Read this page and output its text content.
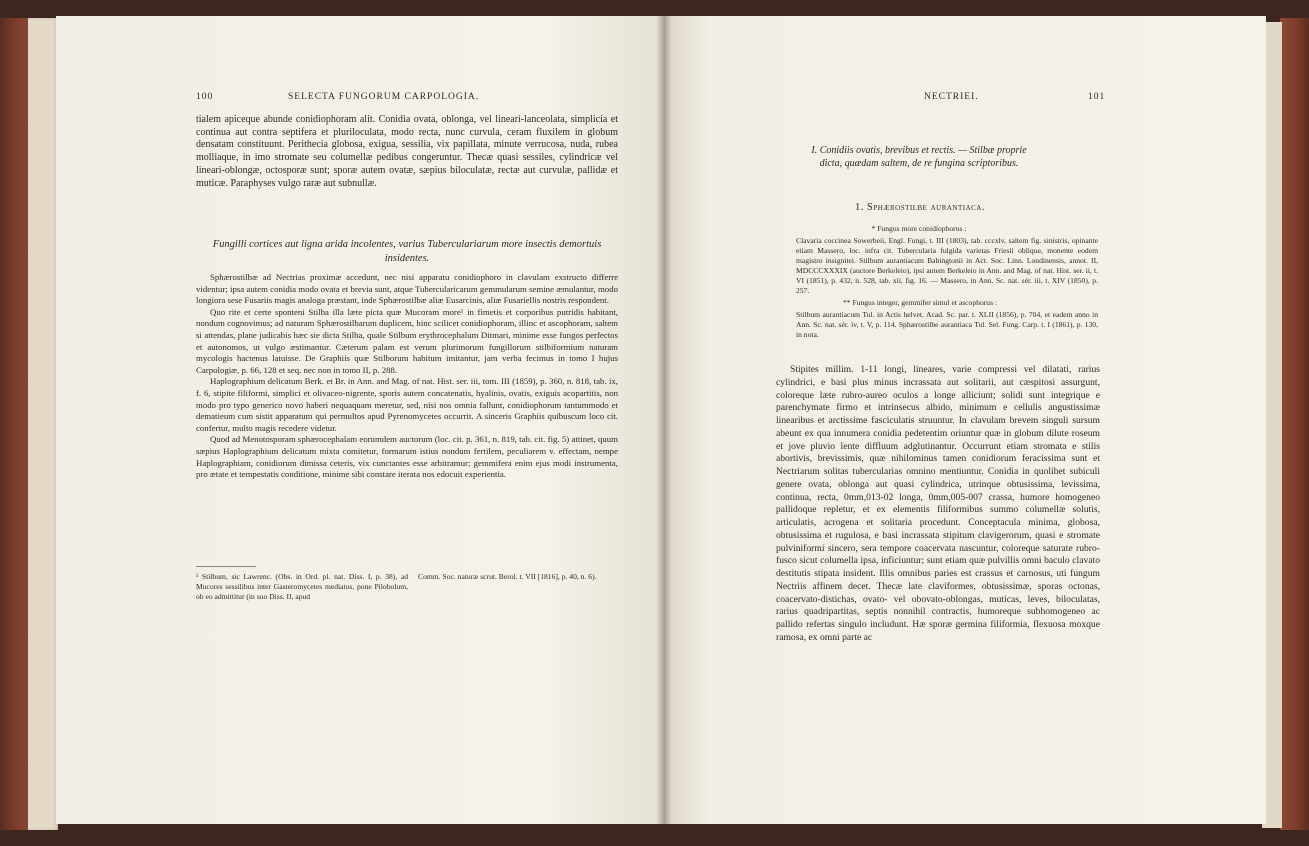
100	SELECTA FUNGORUM CARPOLOGIA.

tialem apiceque abunde conidiophoram alit. Conidia ovata, oblonga, vel lineari-lanceolata, simplicia et continua aut contra septifera et pluriloculata, modo recta, nunc curvula, ceram fluxilem in globum densatam constituunt. Perithecia globosa, exigua, sessilia, vix papillata, minute verrucosa, nuda, rubea molliaque, in imo stromate seu columellæ pedibus congeruntur. Thecæ quasi sessiles, cylindricæ vel lineari-oblongæ, octosporæ sunt; sporæ autem ovatæ, sæpius biloculatæ, rectæ aut curvulæ, pallidæ et muticæ. Paraphyses vulgo raræ aut subnullæ.

Fungilli cortices aut ligna arida incolentes, varius Tuberculariarum more insectis demortuis insidentes.

Sphærostilbæ ad Nectrias proximæ accedunt, nec nisi apparatu conidiophoro in clavulam exstructo differre videntur; ipsa autem conidia modo ovata et brevia sunt, atque Tubercularicarum gemmularum semine æmulantur, modo longiora sese Fusariis magis analoga præstant, inde Sphærostilbæ aliæ Eusarcinis, aliæ Fusariellis nostris respondent.

Quo rite et certe sponteni Stilba illa læte picta quæ Mucoram more¹ in fimetis et corporibus putridis habitant, nondum cognovimus; ad naturam Sphærostilbarum duplicem, hinc scilicet conidiophoram, illinc et ascophoram, saltem si attendas, plane judicabis hæc sie dicta Stilba, quale Stilbum erythrocephalum Ditmari, minime esse fungos perfectos et autonomos, ut vulgo æstimantur. Cæterum palam est verum plurimorum fungillorum stilbiformium naturam mycologis hactenus latuisse. De Graphiis quæ Stilborum habitum imitantur, jam verba fecimus in tomo I hujus Carpologiæ, p. 66, 128 et seq. nec non in tomo II, p. 288.

Haplographium delicatum Berk. et Br. in Ann. and Mag. of nat. Hist. ser. iii, tom. III (1859), p. 360, n. 818, tab. ix, f. 6, stipite filiformi, simplici et olivaceo-nigrente, sporis autem concatenatis, hyalinis, ovatis, exiguis acopartitis, non modo pro typo generico novo haberi nequaquam meretur, sed, nisi nos omnia fallunt, conidiophorum tantummodo et dematieum cum sistit apparatum qui permultos apud Pyrenomycetes occurrit. A sinceris Graphiis quibuscum loco cit. confertur, multo magis recedere videtur.

Quod ad Menotosporam sphærocephalam eorumdem auctorum (loc. cit. p. 361, n. 819, tab. cit. fig. 5) attinet, quum sæpius Haplographium delicatum mixta comitetur, formarum istius nondum fertilem, peculiarem v. effectam, nempe Haplographiam, conidiorum dimissa ceteris, vix cunctantes esse arbitramur; gemmifera enim ejus modi instrumenta, pro ætate et tempestatis conditione, minime sibi constare iterata nos edocuit experientia.

¹ Stilbum, sic Lawrenc. (Obs. in Ord. pl. nat. Diss. I, p. 38), ad Mucores sessilibus inter Gasteromycetes mediatos, pone Pilobolum, ob eo admittitur (in suo Diss. II, apud
Comm. Soc. naturæ scrut. Berol. t. VII [1816], p. 40, n. 6).
NECTRIEI.	101
I. Conidiis ovatis, brevibus et rectis. — Stilbæ proprie dicta, quædam saltem, de re fungina scriptoribus.
1. Sphærostilbe aurantiaca.
* Fungus more conidiophorus :
Clavaria coccinea Sowerbeii, Engl. Fungi, t. III (1803), tab. cccxlv, saltem fig. sinistris, opinante etiam Massero, loc. infra cit. Tubercularia fulgida varietas Friesii oblique, monente eodem magistro insignitei. Stilbum aurantiacum Babingtonii in Act. Soc. Linn. Londinensis, annot. II, MDCCCXXXIX (auctore Berkeleio), ipsi autem Berkeleio in Ann. and Mag. of nat. Hist. ser. ii, t. VI (1851), p. 432, n. 528, tab. xii, fig. 16. — Massero, in Ann. Sc. nat. sér. iii, t. XIV (1850), p. 257.
** Fungus integer, gemmifer simul et ascophorus :
Stilbum aurantiacum Tul. in Actis helvet. Acad. Sc. par. t. XLII (1856), p. 704, et eadem anno in Ann. Sc. nat. sér. iv, t. V, p. 114. Sphærostilbe aurantiaca Tul. Sel. Fung. Carp. t. I (1861), p. 130, in nota.
Stipites millim. 1-11 longi, lineares, varie compressi vel dilatati, rarius cylindrici, e basi plus minus incrassata aut solitarii, aut cæspitosi assurgunt, coloreque læte rubro-aureo oculos a longe alliciunt; solidi sunt integrique e parenchymate firmo et intrinsecus albido, minimum e cellulis angustissimæ linearibus et arctissime fasciculatis struuntur. In clavulam brevem singuli sursum abeunt ex qua innumera conidia pedetentim oriuntur quæ in globum dilute roseum et jove pluvio lente diffluum adglutinantur. Occurrunt etiam stromata e stilis abortivis, brevissimis, quæ nihilominus tamen conidiorum feracissima sunt et Nectriarum solitas tubercularias omnino mentiuntur. Conidia in quolibet subiculi genere ovata, oblonga aut quasi cylindrica, utrinque obtusissima, levissima, continua, recta, 0mm,013-02 longa, 0mm,005-007 crassa, humore homogeneo pallidoque repletur, et ex elementis filiformibus summo columellæ solutis, articulatis, acrogena et solitaria procedunt. Conceptacula minima, globosa, obtusissima et rugulosa, e basi incrassata stipitum clavigerorum, quasi e stromate pulviniformi sincero, sera tempore coacervata nascuntur, coloreque saturate rubro-fusco sicut columella ipsa, inficiuntur; sunt etiam quæ pulvillis omni baculo clavato destitutis stipata insident. Illis omnibus paries est crassus et carnosus, uti fungum Nectriis affinem decet. Thecæ late claviformes, obtusissimæ, sporas octonas, coacervato-distichas, ovato- vel obovato-oblongas, muticas, leves, biloculatas, rarius quadripartitas, septis nonnihil contractis, humoreque subhomogeneo ac pallido refertas singulo includunt. Hæ sporæ germina filiformia, flexuosa moxque ramosa, ex omni parte ac
